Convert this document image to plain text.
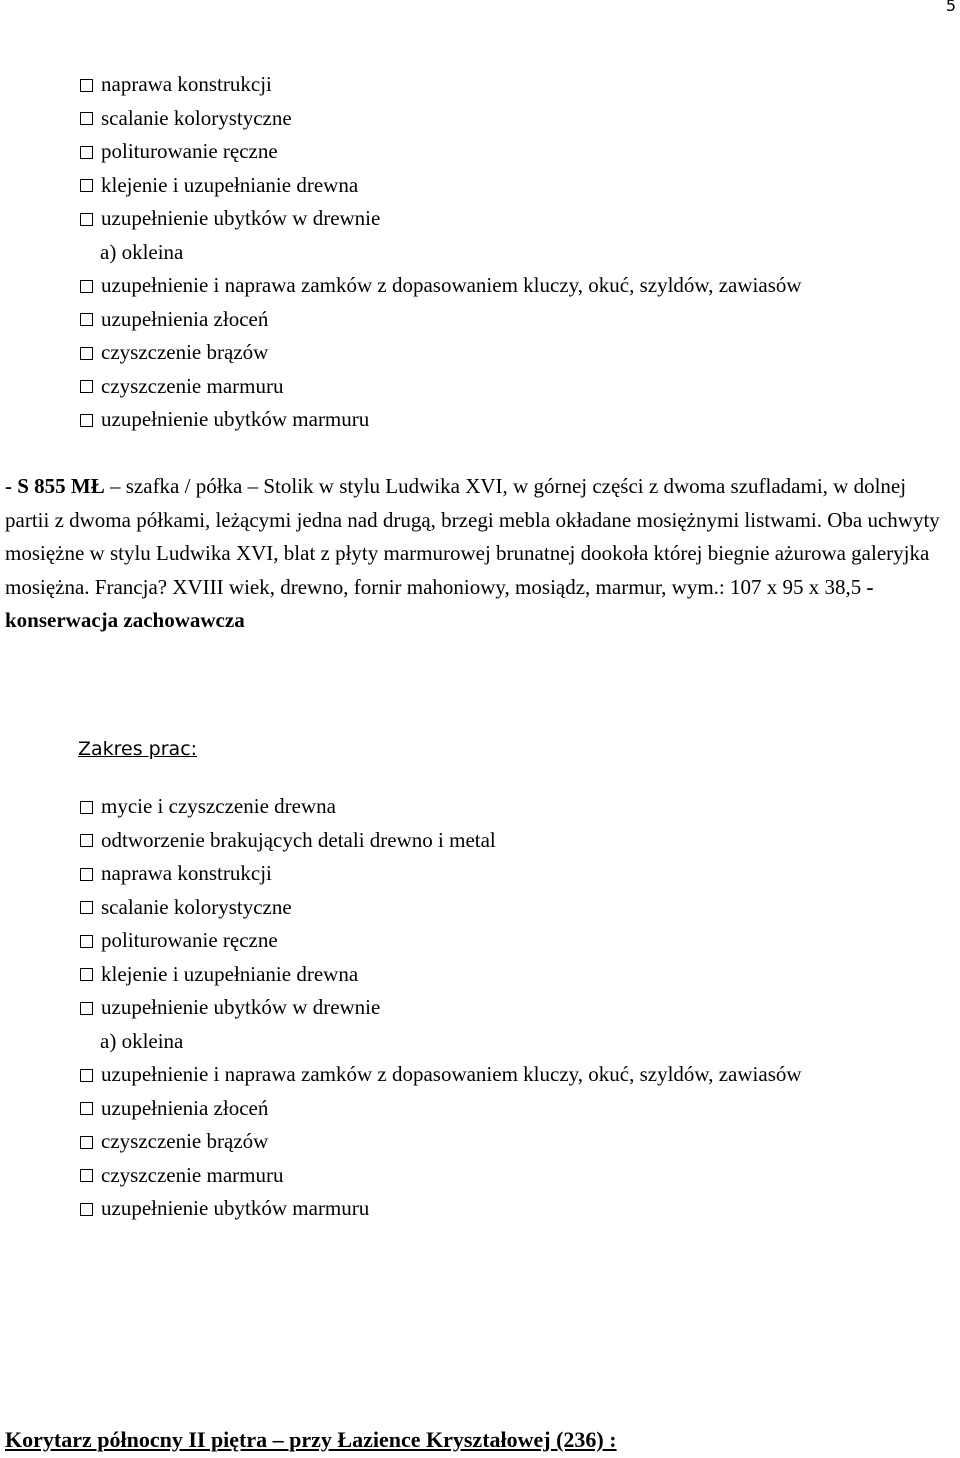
5
naprawa konstrukcji
scalanie kolorystyczne
politurowanie ręczne
klejenie i uzupełnianie drewna
uzupełnienie ubytków w drewnie
a) okleina
uzupełnienie i naprawa zamków z dopasowaniem kluczy, okuć, szyldów, zawiasów
uzupełnienia złoceń
czyszczenie brązów
czyszczenie marmuru
uzupełnienie ubytków marmuru

- S 855 MŁ – szafka / półka – Stolik w stylu Ludwika XVI, w górnej części z dwoma szufladami, w dolnej partii z dwoma półkami, leżącymi jedna nad drugą, brzegi mebla okładane mosiężnymi listwami. Oba uchwyty mosiężne w stylu Ludwika XVI, blat z płyty marmurowej brunatnej dookoła której biegnie ażurowa galeryjka mosiężna. Francja? XVIII wiek, drewno, fornir mahoniowy, mosiądz, marmur, wym.: 107 x 95 x 38,5 - konserwacja zachowawcza

Zakres prac:
mycie i czyszczenie drewna
odtworzenie brakujących detali drewno i metal
naprawa konstrukcji
scalanie kolorystyczne
politurowanie ręczne
klejenie i uzupełnianie drewna
uzupełnienie ubytków w drewnie
a) okleina
uzupełnienie i naprawa zamków z dopasowaniem kluczy, okuć, szyldów, zawiasów
uzupełnienia złoceń
czyszczenie brązów
czyszczenie marmuru
uzupełnienie ubytków marmuru
Korytarz północny II piętra – przy Łazience Kryształowej (236) :
